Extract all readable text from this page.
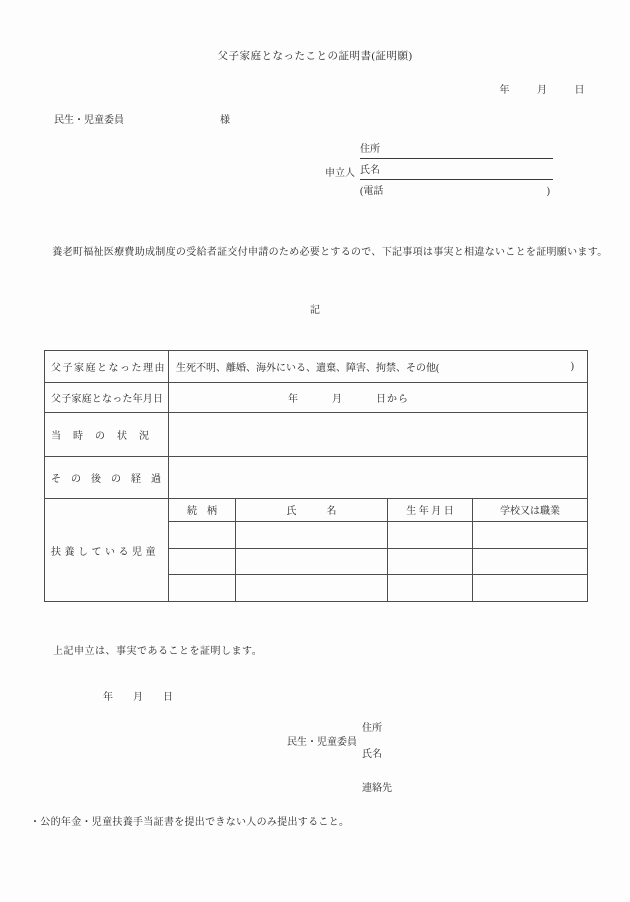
父子家庭となったことの証明書(証明願)
年　　月　　日
民生・児童委員	様
住所
申立人 氏名
(電話	)
　養老町福祉医療費助成制度の受給者証交付申請のため必要とするので、下記事項は事実と相違ないことを証明願います。
記
父子家庭となった理由	生死不明、離婚、海外にいる、遺棄、障害、拘禁、その他(	)
父子家庭となった年月日	年　　　月　　　日から
当　時　の　状　況
そ　の　後　の　経　過
扶 養 し て い る 児 童
続　柄	氏　　　名	生 年 月 日	学校又は職業
上記申立は、事実であることを証明します。
年　　月　　日
住所
民生・児童委員
氏名
連絡先
・公的年金・児童扶養手当証書を提出できない人のみ提出すること。
